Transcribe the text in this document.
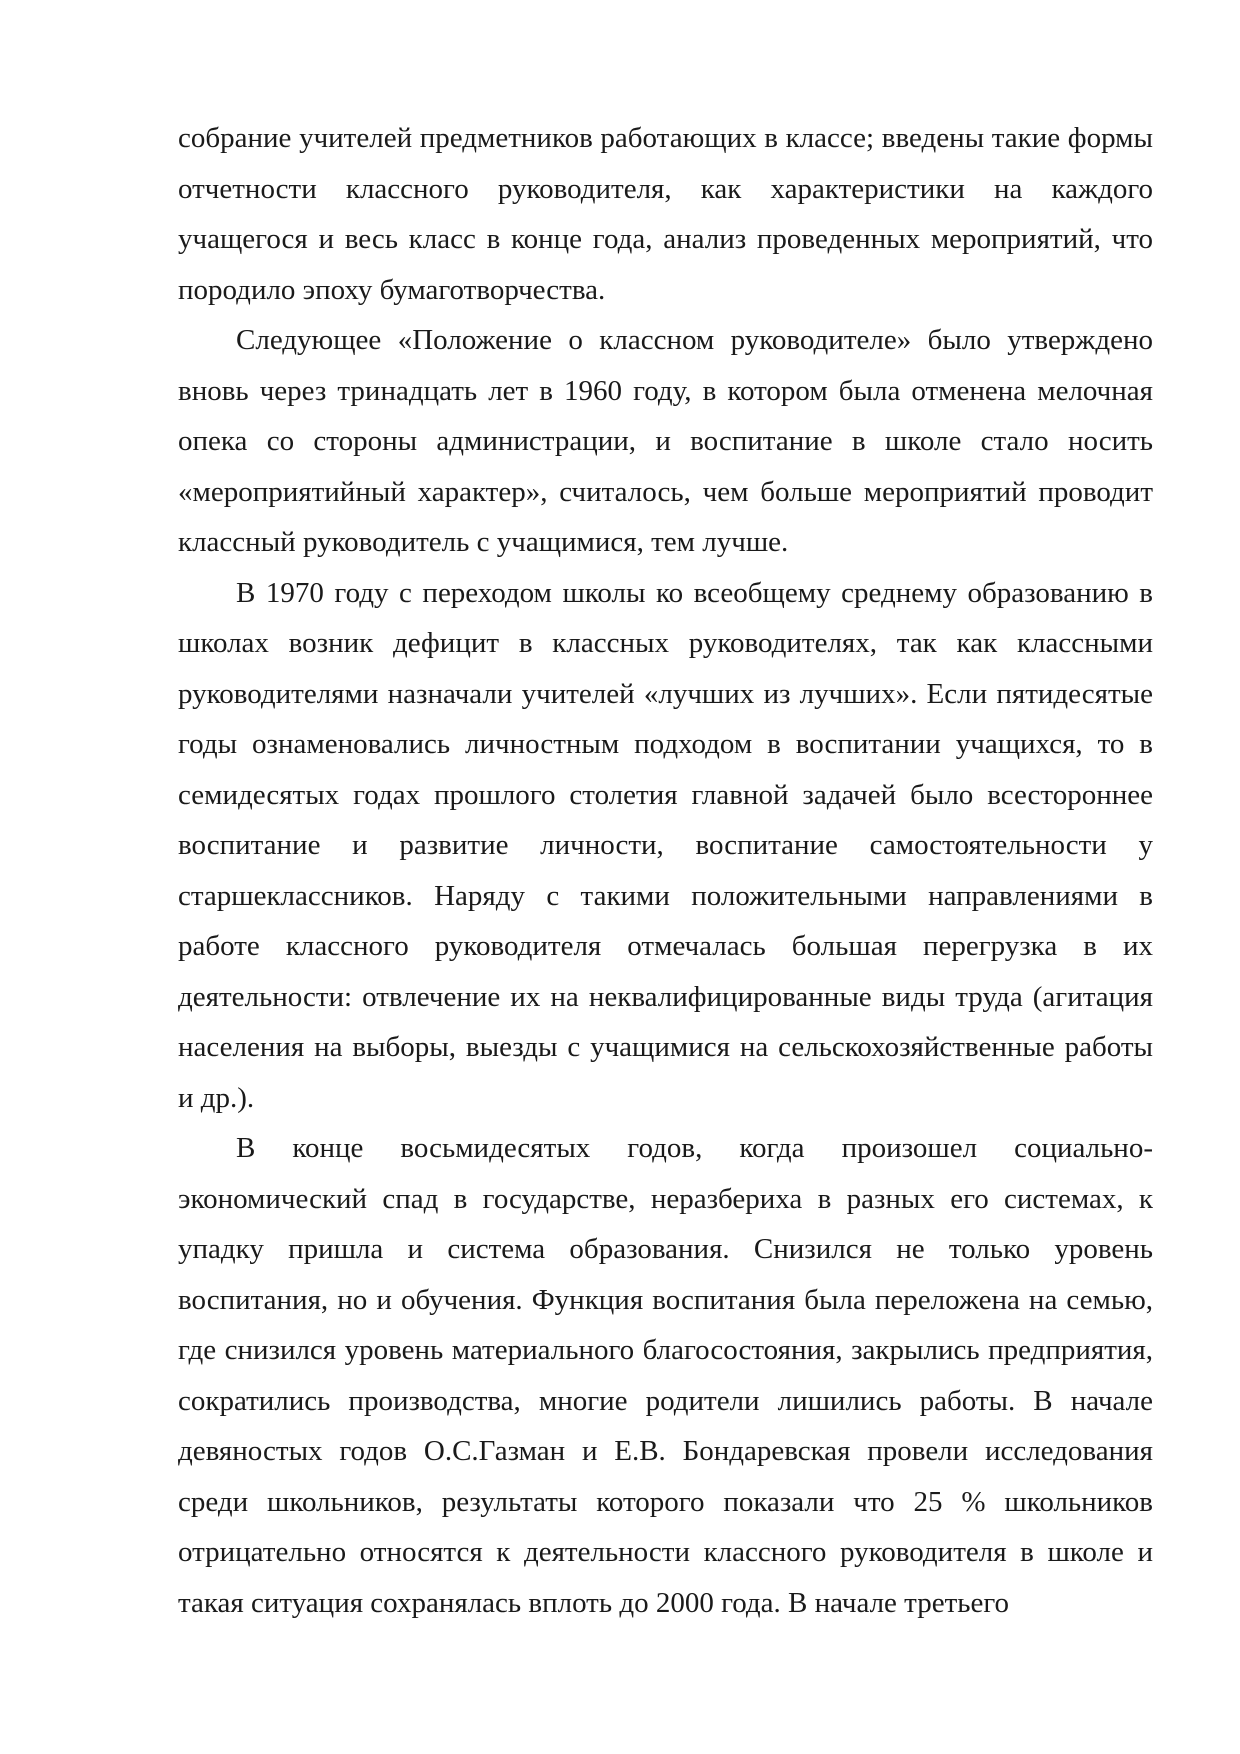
собрание учителей предметников работающих в классе; введены такие формы отчетности классного руководителя, как характеристики на каждого учащегося и весь класс в конце года, анализ проведенных мероприятий, что породило эпоху бумаготворчества.

Следующее «Положение о классном руководителе» было утверждено вновь через тринадцать лет в 1960 году, в котором была отменена мелочная опека со стороны администрации, и воспитание в школе стало носить «мероприятийный характер», считалось, чем больше мероприятий проводит классный руководитель с учащимися, тем лучше.

В 1970 году с переходом школы ко всеобщему среднему образованию в школах возник дефицит в классных руководителях, так как классными руководителями назначали учителей «лучших из лучших». Если пятидесятые годы ознаменовались личностным подходом в воспитании учащихся, то в семидесятых годах прошлого столетия главной задачей было всестороннее воспитание и развитие личности, воспитание самостоятельности у старшеклассников. Наряду с такими положительными направлениями в работе классного руководителя отмечалась большая перегрузка в их деятельности: отвлечение их на неквалифицированные виды труда (агитация населения на выборы, выезды с учащимися на сельскохозяйственные работы и др.).

В конце восьмидесятых годов, когда произошел социально-экономический спад в государстве, неразбериха в разных его системах, к упадку пришла и система образования. Снизился не только уровень воспитания, но и обучения. Функция воспитания была переложена на семью, где снизился уровень материального благосостояния, закрылись предприятия, сократились производства, многие родители лишились работы. В начале девяностых годов О.С.Газман и Е.В. Бондаревская провели исследования среди школьников, результаты которого показали что 25 % школьников отрицательно относятся к деятельности классного руководителя в школе и такая ситуация сохранялась вплоть до 2000 года. В начале третьего
